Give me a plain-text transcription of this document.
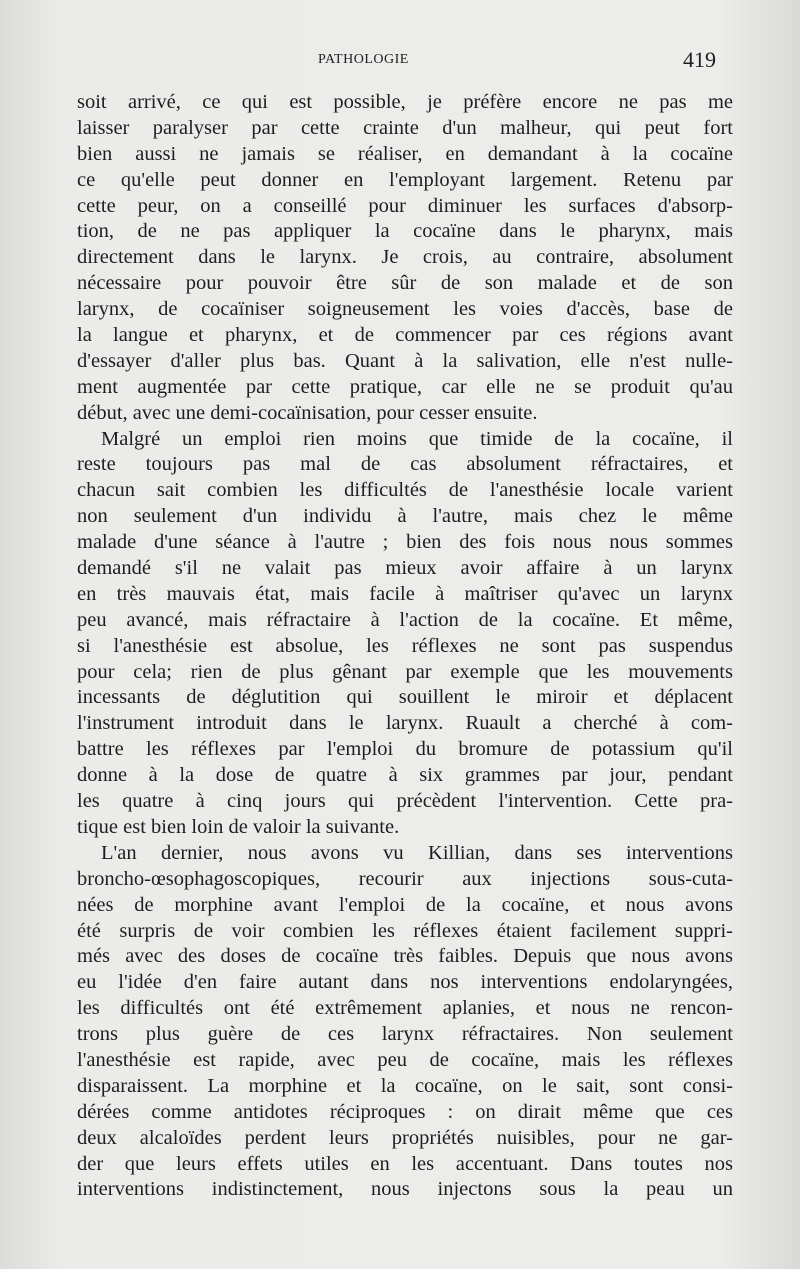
PATHOLOGIE	419
soit arrivé, ce qui est possible, je préfère encore ne pas me
laisser paralyser par cette crainte d'un malheur, qui peut fort
bien aussi ne jamais se réaliser, en demandant à la cocaïne
ce qu'elle peut donner en l'employant largement. Retenu par
cette peur, on a conseillé pour diminuer les surfaces d'absorp-
tion, de ne pas appliquer la cocaïne dans le pharynx, mais
directement dans le larynx. Je crois, au contraire, absolument
nécessaire pour pouvoir être sûr de son malade et de son
larynx, de cocaïniser soigneusement les voies d'accès, base de
la langue et pharynx, et de commencer par ces régions avant
d'essayer d'aller plus bas. Quant à la salivation, elle n'est nulle-
ment augmentée par cette pratique, car elle ne se produit qu'au
début, avec une demi-cocaïnisation, pour cesser ensuite.
Malgré un emploi rien moins que timide de la cocaïne, il
reste toujours pas mal de cas absolument réfractaires, et
chacun sait combien les difficultés de l'anesthésie locale varient
non seulement d'un individu à l'autre, mais chez le même
malade d'une séance à l'autre ; bien des fois nous nous sommes
demandé s'il ne valait pas mieux avoir affaire à un larynx
en très mauvais état, mais facile à maîtriser qu'avec un larynx
peu avancé, mais réfractaire à l'action de la cocaïne. Et même,
si l'anesthésie est absolue, les réflexes ne sont pas suspendus
pour cela; rien de plus gênant par exemple que les mouvements
incessants de déglutition qui souillent le miroir et déplacent
l'instrument introduit dans le larynx. Ruault a cherché à com-
battre les réflexes par l'emploi du bromure de potassium qu'il
donne à la dose de quatre à six grammes par jour, pendant
les quatre à cinq jours qui précèdent l'intervention. Cette pra-
tique est bien loin de valoir la suivante.
L'an dernier, nous avons vu Killian, dans ses interventions
broncho-œsophagoscopiques, recourir aux injections sous-cuta-
nées de morphine avant l'emploi de la cocaïne, et nous avons
été surpris de voir combien les réflexes étaient facilement suppri-
més avec des doses de cocaïne très faibles. Depuis que nous avons
eu l'idée d'en faire autant dans nos interventions endolaryngées,
les difficultés ont été extrêmement aplanies, et nous ne rencon-
trons plus guère de ces larynx réfractaires. Non seulement
l'anesthésie est rapide, avec peu de cocaïne, mais les réflexes
disparaissent. La morphine et la cocaïne, on le sait, sont consi-
dérées comme antidotes réciproques : on dirait même que ces
deux alcaloïdes perdent leurs propriétés nuisibles, pour ne gar-
der que leurs effets utiles en les accentuant. Dans toutes nos
interventions indistinctement, nous injectons sous la peau un
